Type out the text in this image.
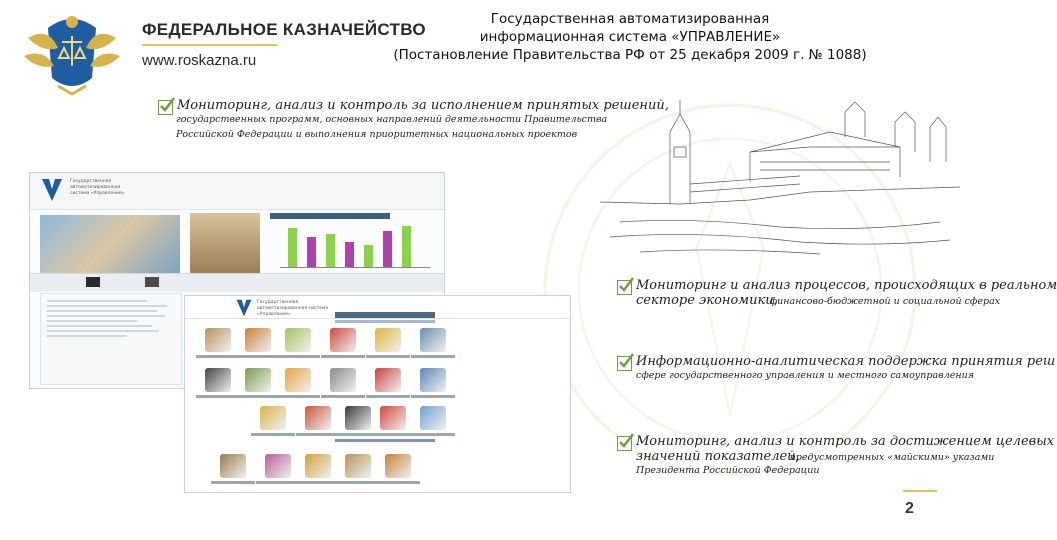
ФЕДЕРАЛЬНОЕ КАЗНАЧЕЙСТВО
www.roskazna.ru
Государственная автоматизированная
информационная система «УПРАВЛЕНИЕ»
(Постановление Правительства РФ от 25 декабря 2009 г. № 1088)
Мониторинг, анализ и контроль за исполнением принятых решений,
государственных программ, основных направлений деятельности Правительства
Российской Федерации и выполнения приоритетных национальных проектов
Государственная автоматизированная система «Управление»
Государственная автоматизированная система «Управление»
Мониторинг и анализ процессов, происходящих в реальном
секторе экономики,
финансово-бюджетной и социальной сферах
Информационно-аналитическая поддержка принятия реш
сфере государственного управления и местного самоуправления
Мониторинг, анализ и контроль за достижением целевых
значений показателей,
предусмотренных «майскими» указами
Президента Российской Федерации
2
